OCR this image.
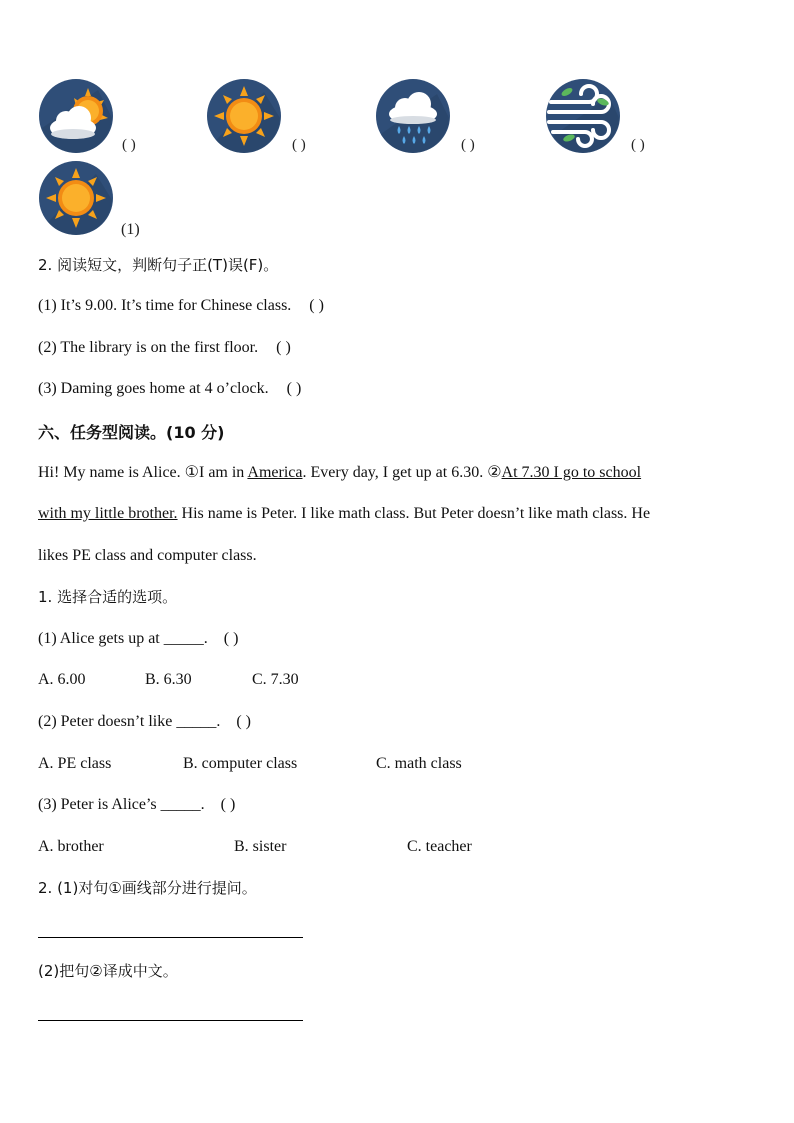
( )	( )	( )	( )
(1)
2. 阅读短文，判断句子正(T)误(F)。
(1) It’s 9.00. It’s time for Chinese class. ( )
(2) The library is on the first floor. ( )
(3) Daming goes home at 4 o’clock. ( )
六、任务型阅读。(10 分)
Hi! My name is Alice. ①I am in America. Every day, I get up at 6.30. ②At 7.30 I go to school
with my little brother. His name is Peter. I like math class. But Peter doesn’t like math class. He
likes PE class and computer class.
1. 选择合适的选项。
(1) Alice gets up at _____. ( )
A. 6.00	B. 6.30	C. 7.30
(2) Peter doesn’t like _____. ( )
A. PE class	B. computer class	C. math class
(3) Peter is Alice’s _____. ( )
A. brother	B. sister	C. teacher
2. (1)对句①画线部分进行提问。
(2)把句②译成中文。
